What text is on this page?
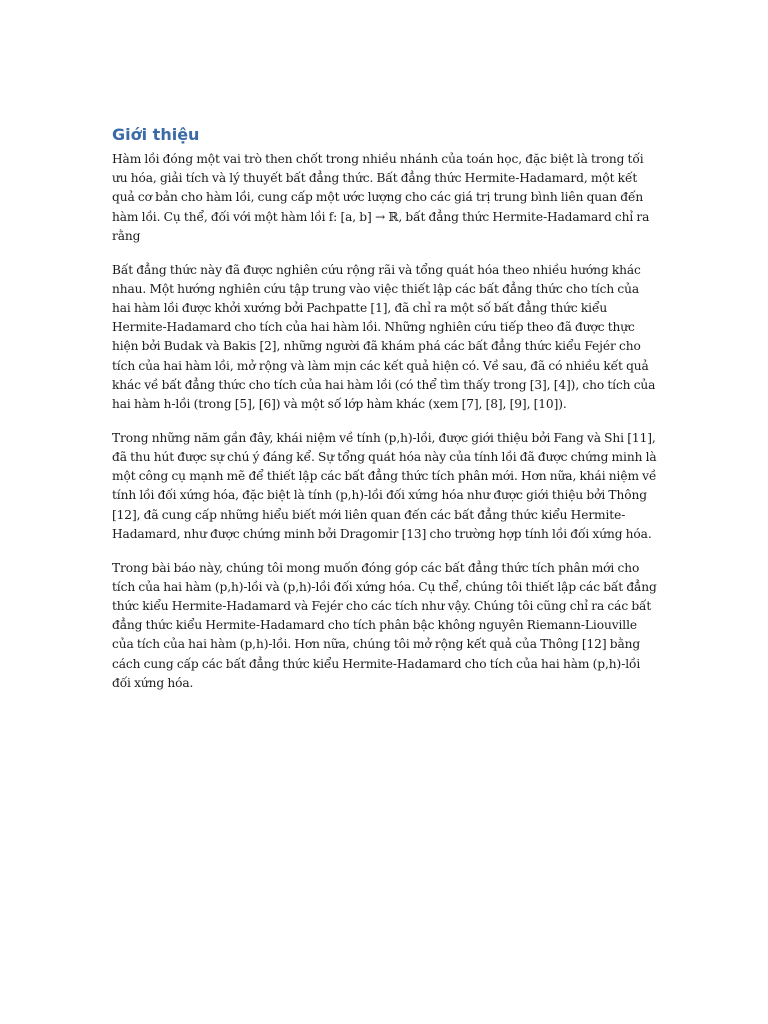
Giới thiệu

Hàm lồi đóng một vai trò then chốt trong nhiều nhánh của toán học, đặc biệt là trong tối ưu hóa, giải tích và lý thuyết bất đẳng thức. Bất đẳng thức Hermite-Hadamard, một kết quả cơ bản cho hàm lồi, cung cấp một ước lượng cho các giá trị trung bình liên quan đến hàm lồi. Cụ thể, đối với một hàm lồi f: [a, b] → ℝ, bất đẳng thức Hermite-Hadamard chỉ ra rằng

Bất đẳng thức này đã được nghiên cứu rộng rãi và tổng quát hóa theo nhiều hướng khác nhau. Một hướng nghiên cứu tập trung vào việc thiết lập các bất đẳng thức cho tích của hai hàm lồi được khởi xướng bởi Pachpatte [1], đã chỉ ra một số bất đẳng thức kiểu Hermite-Hadamard cho tích của hai hàm lồi. Những nghiên cứu tiếp theo đã được thực hiện bởi Budak và Bakis [2], những người đã khám phá các bất đẳng thức kiểu Fejér cho tích của hai hàm lồi, mở rộng và làm mịn các kết quả hiện có. Về sau, đã có nhiều kết quả khác về bất đẳng thức cho tích của hai hàm lồi (có thể tìm thấy trong [3], [4]), cho tích của hai hàm h-lồi (trong [5], [6]) và một số lớp hàm khác (xem [7], [8], [9], [10]).

Trong những năm gần đây, khái niệm về tính (p,h)-lồi, được giới thiệu bởi Fang và Shi [11], đã thu hút được sự chú ý đáng kể. Sự tổng quát hóa này của tính lồi đã được chứng minh là một công cụ mạnh mẽ để thiết lập các bất đẳng thức tích phân mới. Hơn nữa, khái niệm về tính lồi đối xứng hóa, đặc biệt là tính (p,h)-lồi đối xứng hóa như được giới thiệu bởi Thông [12], đã cung cấp những hiểu biết mới liên quan đến các bất đẳng thức kiểu Hermite-Hadamard, như được chứng minh bởi Dragomir [13] cho trường hợp tính lồi đối xứng hóa.

Trong bài báo này, chúng tôi mong muốn đóng góp các bất đẳng thức tích phân mới cho tích của hai hàm (p,h)-lồi và (p,h)-lồi đối xứng hóa. Cụ thể, chúng tôi thiết lập các bất đẳng thức kiểu Hermite-Hadamard và Fejér cho các tích như vậy. Chúng tôi cũng chỉ ra các bất đẳng thức kiểu Hermite-Hadamard cho tích phân bậc không nguyên Riemann-Liouville của tích của hai hàm (p,h)-lồi. Hơn nữa, chúng tôi mở rộng kết quả của Thông [12] bằng cách cung cấp các bất đẳng thức kiểu Hermite-Hadamard cho tích của hai hàm (p,h)-lồi đối xứng hóa.
